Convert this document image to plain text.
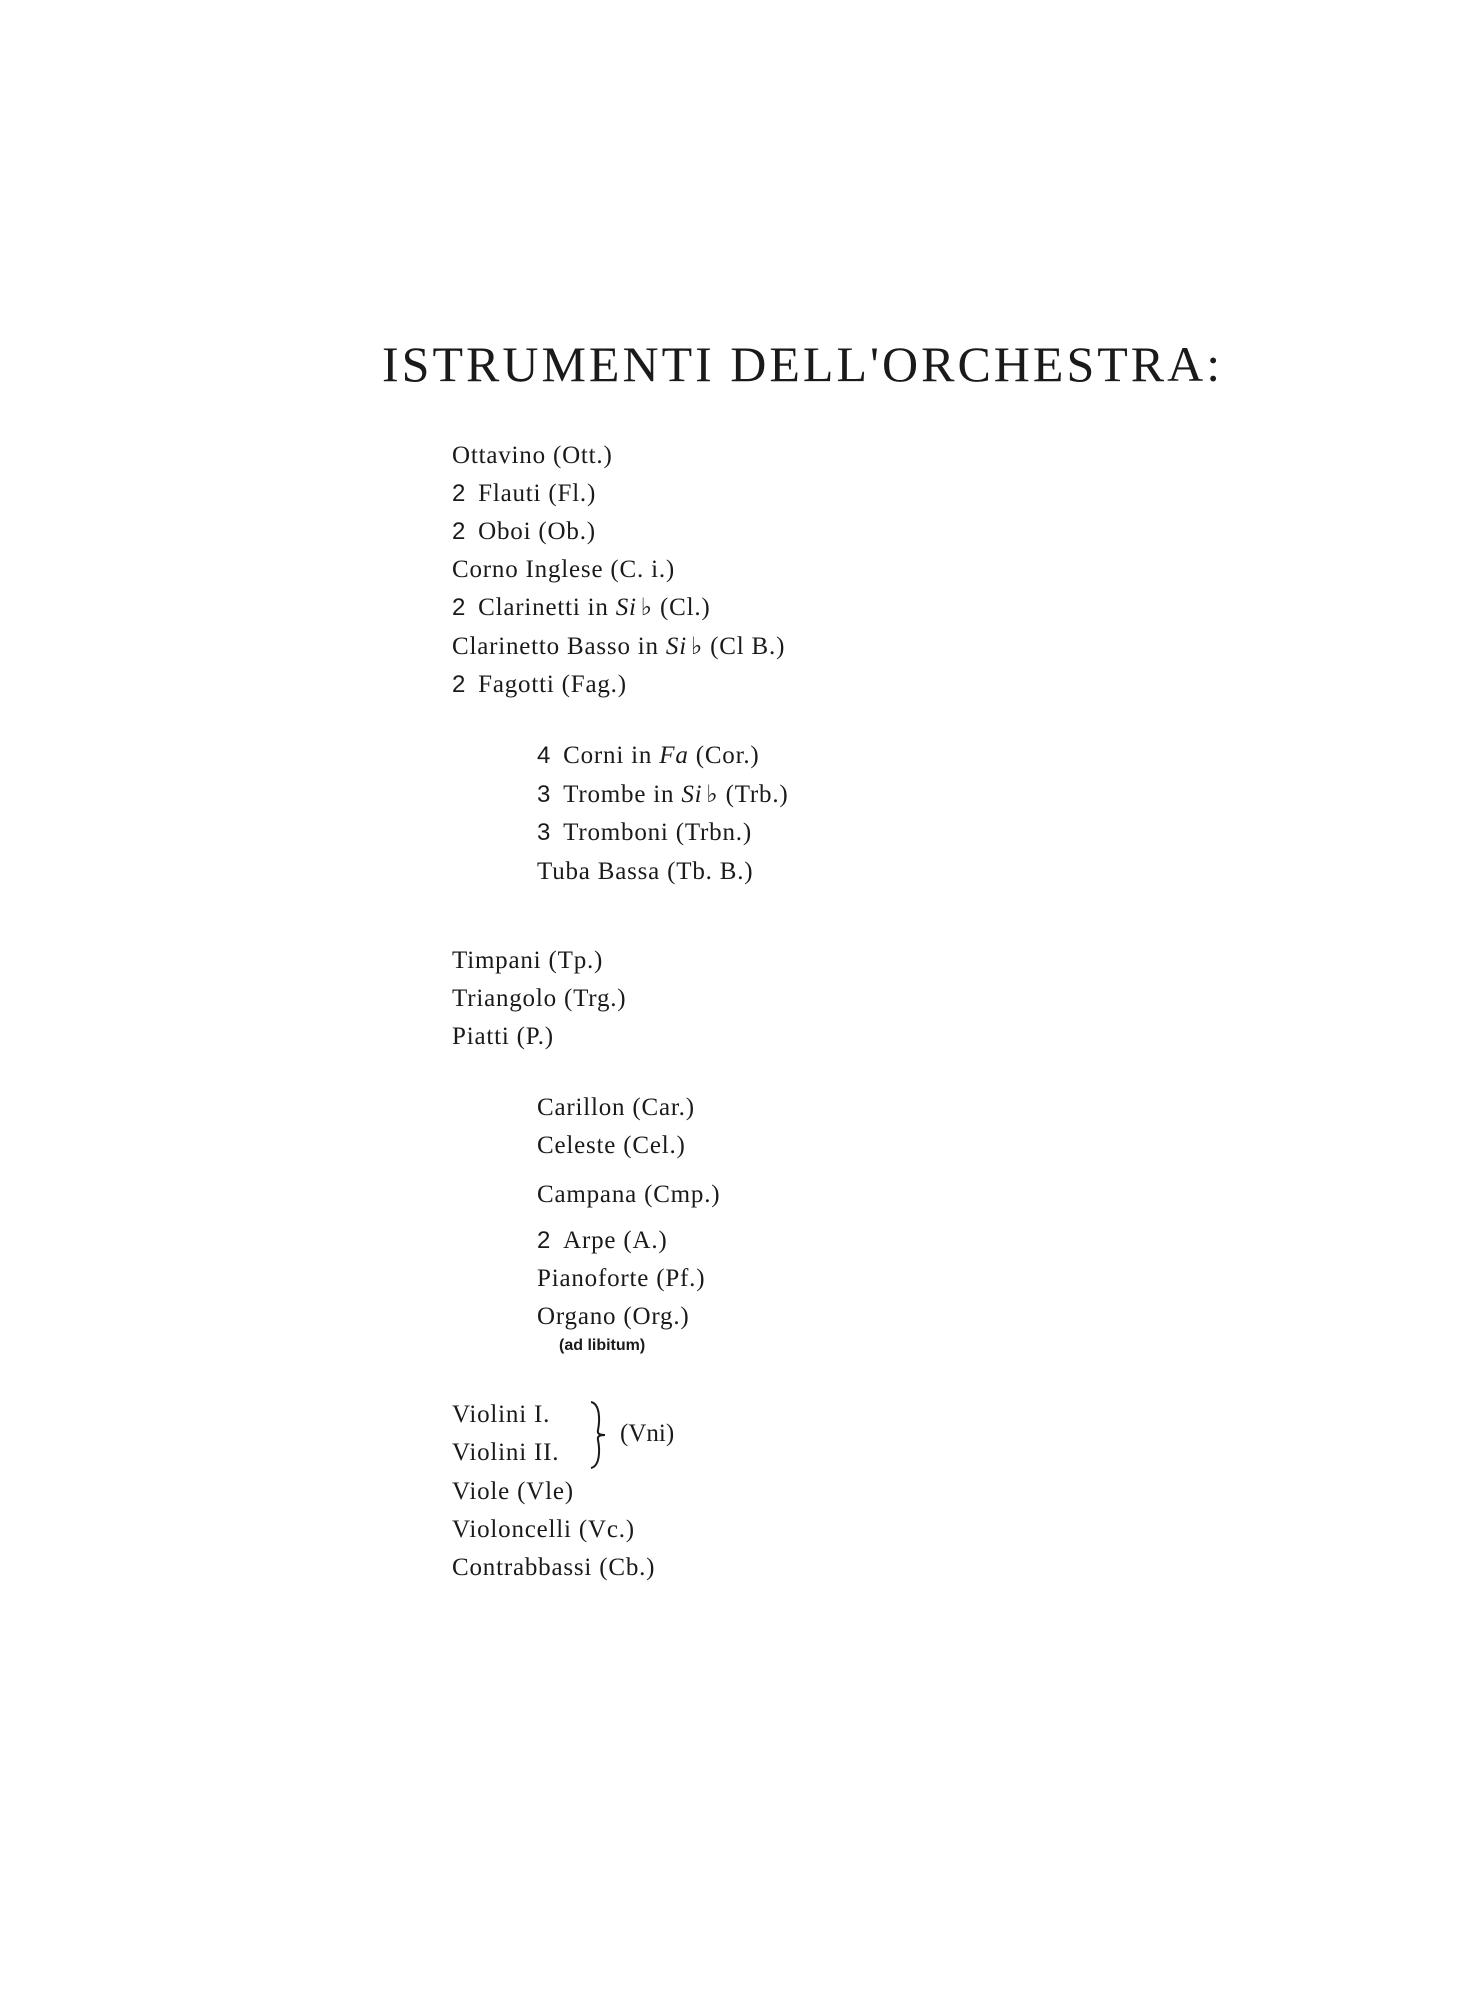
ISTRUMENTI DELL'ORCHESTRA:
Ottavino (Ott.)
2 Flauti (Fl.)
2 Oboi (Ob.)
Corno Inglese (C. i.)
2 Clarinetti in Si ♭ (Cl.)
Clarinetto Basso in Si ♭ (Cl B.)
2 Fagotti (Fag.)
4 Corni in Fa (Cor.)
3 Trombe in Si ♭ (Trb.)
3 Tromboni (Trbn.)
Tuba Bassa (Tb. B.)
Timpani (Tp.)
Triangolo (Trg.)
Piatti (P.)
Carillon (Car.)
Celeste (Cel.)
Campana (Cmp.)
2 Arpe (A.)
Pianoforte (Pf.)
Organo (Org.)
(ad libitum)
Violini I.
Violini II.
(Vni)
Viole (Vle)
Violoncelli (Vc.)
Contrabbassi (Cb.)
